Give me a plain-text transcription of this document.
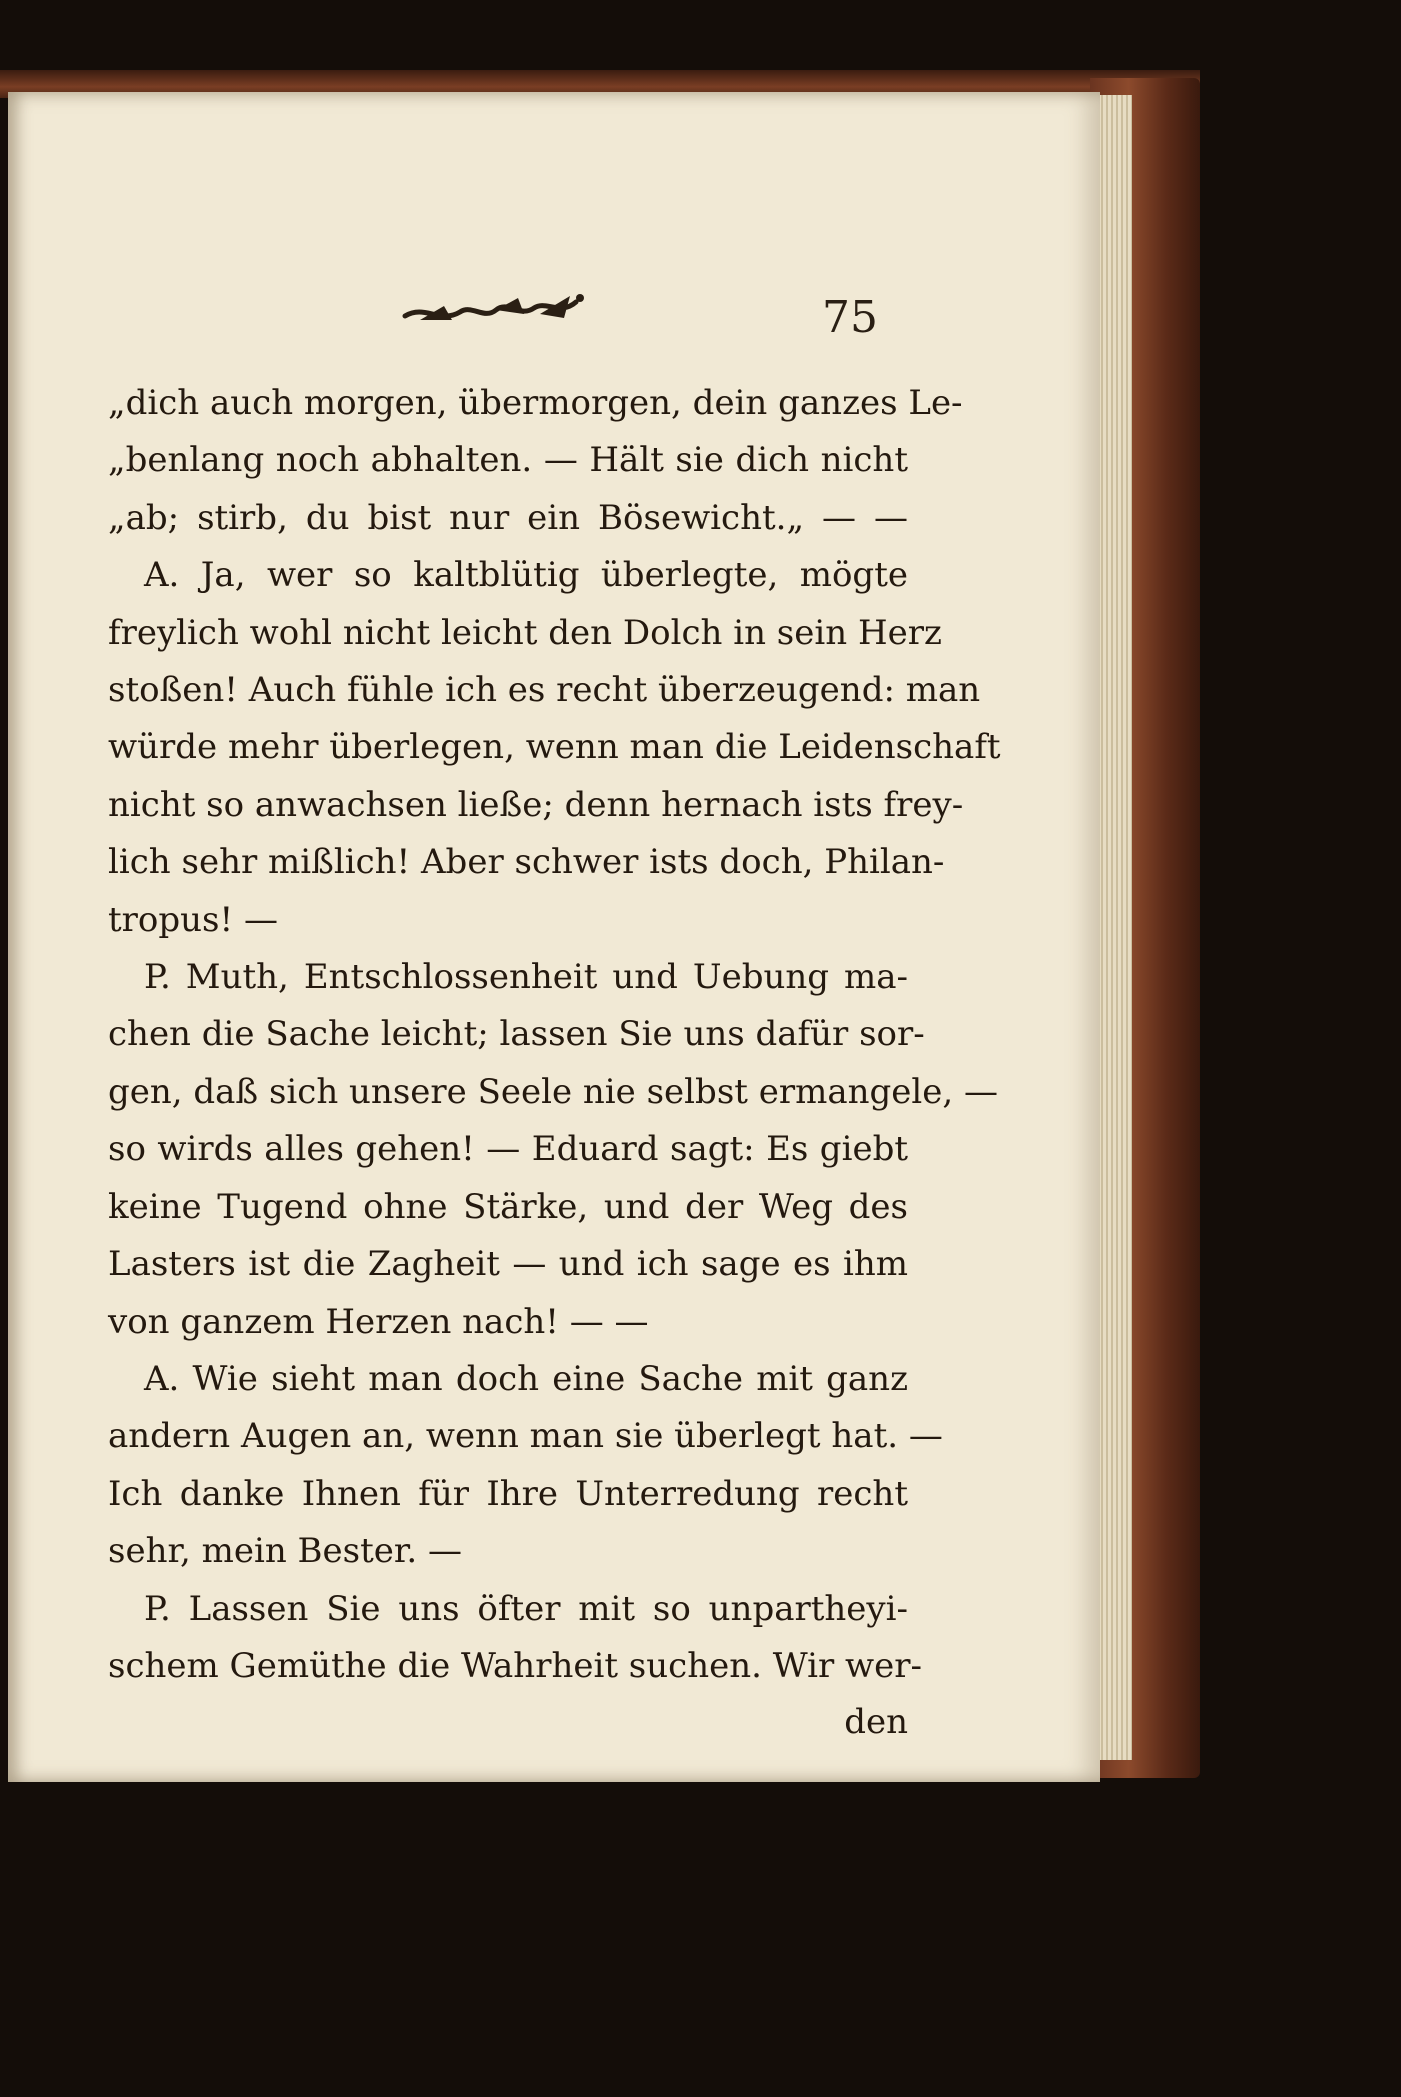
75
„dich auch morgen, übermorgen, dein ganzes Le-
„benlang noch abhalten. — Hält sie dich nicht
„ab; stirb, du bist nur ein Bösewicht.„ — —
A. Ja, wer so kaltblütig überlegte, mögte
freylich wohl nicht leicht den Dolch in sein Herz
stoßen! Auch fühle ich es recht überzeugend: man
würde mehr überlegen, wenn man die Leidenschaft
nicht so anwachsen ließe; denn hernach ists frey-
lich sehr mißlich! Aber schwer ists doch, Philan-
tropus! —
P. Muth, Entschlossenheit und Uebung ma-
chen die Sache leicht; lassen Sie uns dafür sor-
gen, daß sich unsere Seele nie selbst ermangele, —
so wirds alles gehen! — Eduard sagt: Es giebt
keine Tugend ohne Stärke, und der Weg des
Lasters ist die Zagheit — und ich sage es ihm
von ganzem Herzen nach! — —
A. Wie sieht man doch eine Sache mit ganz
andern Augen an, wenn man sie überlegt hat. —
Ich danke Ihnen für Ihre Unterredung recht
sehr, mein Bester. —
P. Lassen Sie uns öfter mit so unpartheyi-
schem Gemüthe die Wahrheit suchen. Wir wer-
den
